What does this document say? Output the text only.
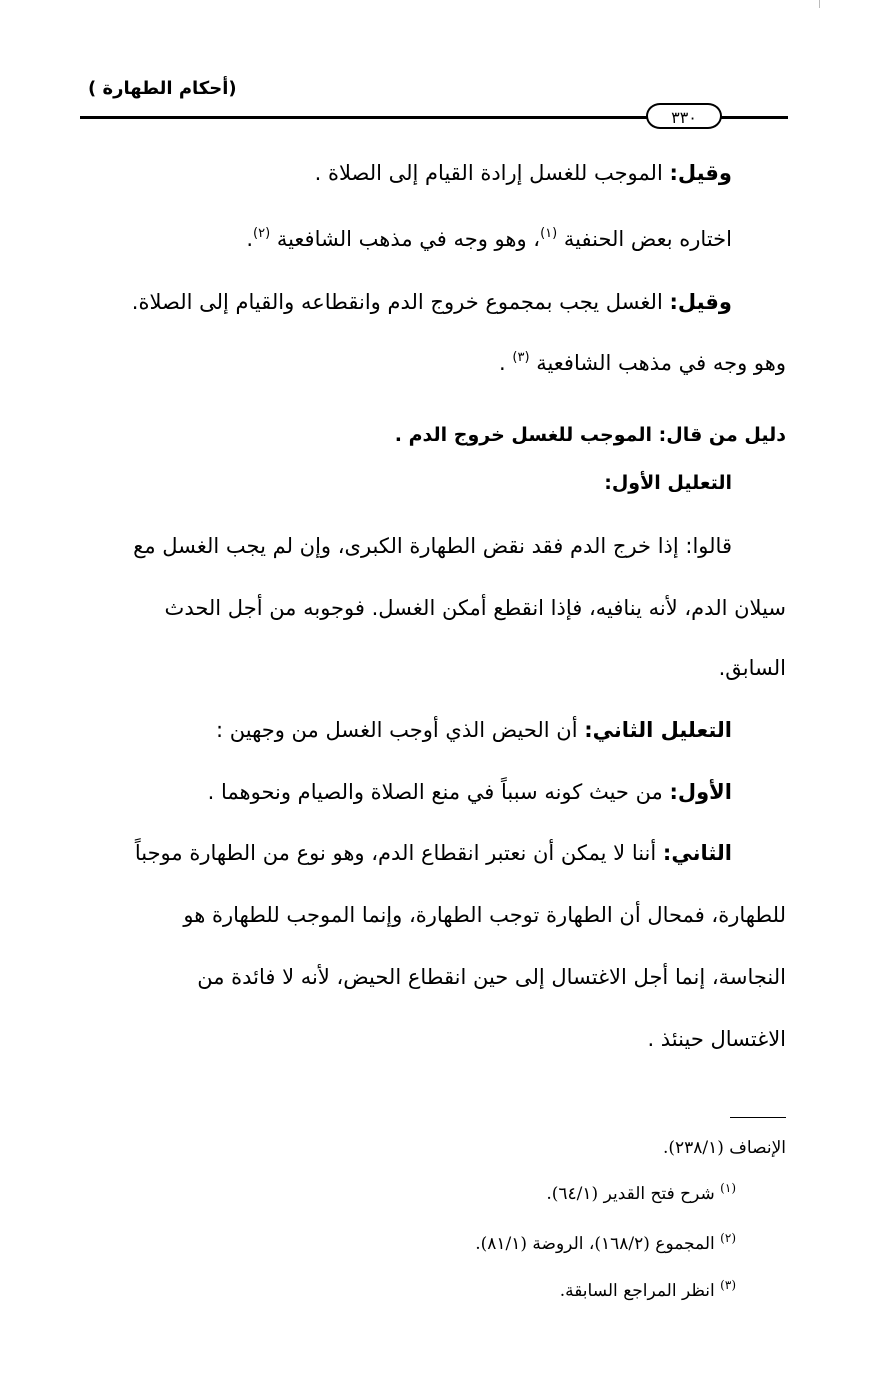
(أحكام الطهارة )
٣٣٠
وقيل: الموجب للغسل إرادة القيام إلى الصلاة .
اختاره بعض الحنفية $^{(١)}$، وهو وجه في مذهب الشافعية $^{(٢)}$.
وقيل: الغسل يجب بمجموع خروج الدم وانقطاعه والقيام إلى الصلاة.
وهو وجه في مذهب الشافعية $^{(٣)}$ .
دليل من قال: الموجب للغسل خروج الدم .
التعليل الأول:
قالوا: إذا خرج الدم فقد نقض الطهارة الكبرى، وإن لم يجب الغسل مع
سيلان الدم، لأنه ينافيه، فإذا انقطع أمكن الغسل. فوجوبه من أجل الحدث
السابق.
التعليل الثاني: أن الحيض الذي أوجب الغسل من وجهين :
الأول: من حيث كونه سبباً في منع الصلاة والصيام ونحوهما .
الثاني: أننا لا يمكن أن نعتبر انقطاع الدم، وهو نوع من الطهارة موجباً
للطهارة، فمحال أن الطهارة توجب الطهارة، وإنما الموجب للطهارة هو
النجاسة، إنما أجل الاغتسال إلى حين انقطاع الحيض، لأنه لا فائدة من
الاغتسال حينئذ .
الإنصاف (٢٣٨/١).
$^{(١)}$ شرح فتح القدير (٦٤/١).
$^{(٢)}$ المجموع (١٦٨/٢)، الروضة (٨١/١).
$^{(٣)}$ انظر المراجع السابقة.
